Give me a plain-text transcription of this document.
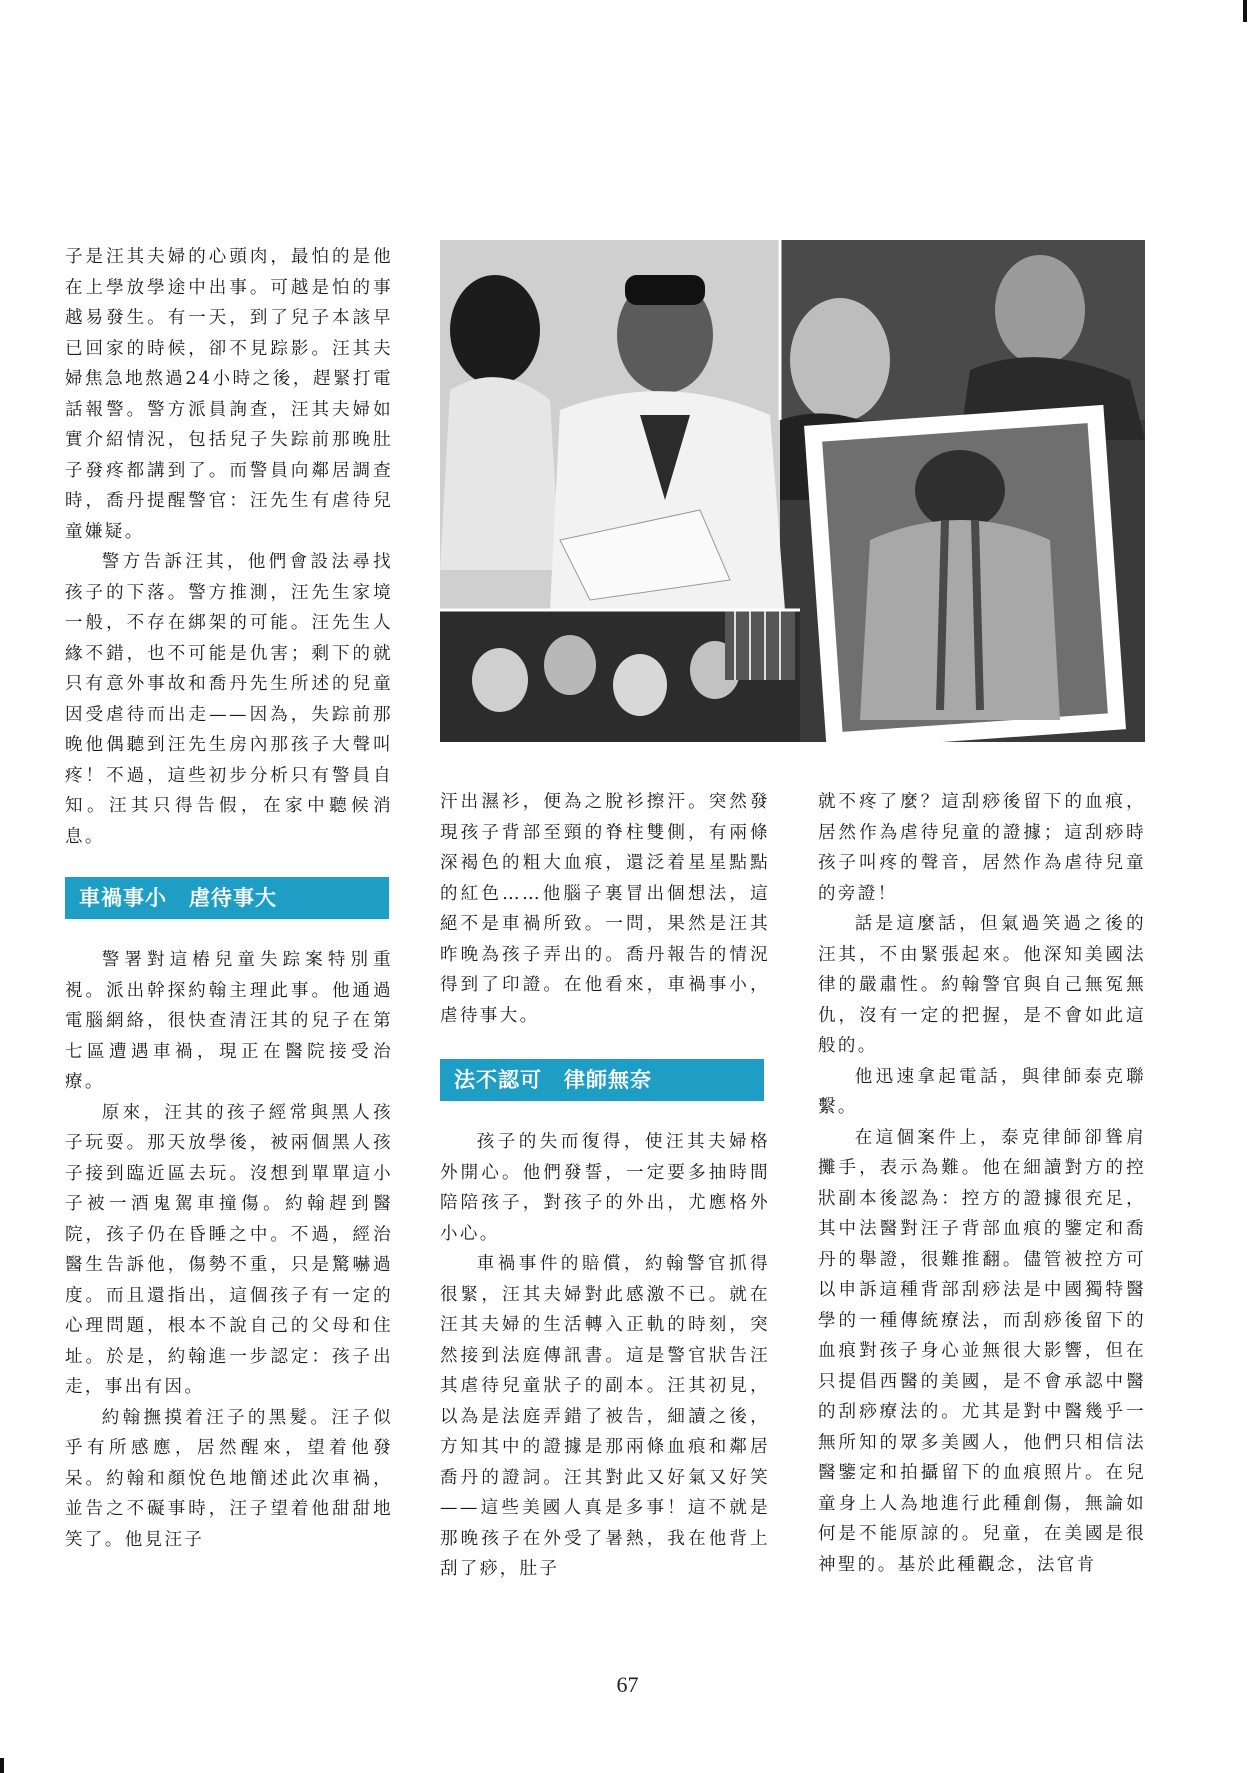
子是汪其夫婦的心頭肉，最怕的是他在上學放學途中出事。可越是怕的事越易發生。有一天，到了兒子本該早已回家的時候，卻不見踪影。汪其夫婦焦急地熬過24小時之後，趕緊打電話報警。警方派員詢查，汪其夫婦如實介紹情況，包括兒子失踪前那晚肚子發疼都講到了。而警員向鄰居調查時，喬丹提醒警官：汪先生有虐待兒童嫌疑。

警方告訴汪其，他們會設法尋找孩子的下落。警方推測，汪先生家境一般，不存在綁架的可能。汪先生人緣不錯，也不可能是仇害；剩下的就只有意外事故和喬丹先生所述的兒童因受虐待而出走——因為，失踪前那晚他偶聽到汪先生房內那孩子大聲叫疼！不過，這些初步分析只有警員自知。汪其只得告假，在家中聽候消息。

車禍事小　虐待事大

警署對這樁兒童失踪案特別重視。派出幹探約翰主理此事。他通過電腦網絡，很快查清汪其的兒子在第七區遭遇車禍，現正在醫院接受治療。

原來，汪其的孩子經常與黑人孩子玩耍。那天放學後，被兩個黑人孩子接到臨近區去玩。沒想到單單這小子被一酒鬼駕車撞傷。約翰趕到醫院，孩子仍在昏睡之中。不過，經治醫生告訴他，傷勢不重，只是驚嚇過度。而且還指出，這個孩子有一定的心理問題，根本不說自己的父母和住址。於是，約翰進一步認定：孩子出走，事出有因。

約翰撫摸着汪子的黑髮。汪子似乎有所感應，居然醒來，望着他發呆。約翰和顏悅色地簡述此次車禍，並告之不礙事時，汪子望着他甜甜地笑了。他見汪子

汗出濕衫，便為之脫衫擦汗。突然發現孩子背部至頸的脊柱雙側，有兩條深褐色的粗大血痕，還泛着星星點點的紅色……他腦子裏冒出個想法，這絕不是車禍所致。一問，果然是汪其昨晚為孩子弄出的。喬丹報告的情況得到了印證。在他看來，車禍事小，虐待事大。

法不認可　律師無奈

孩子的失而復得，使汪其夫婦格外開心。他們發誓，一定要多抽時間陪陪孩子，對孩子的外出，尤應格外小心。

車禍事件的賠償，約翰警官抓得很緊，汪其夫婦對此感激不已。就在汪其夫婦的生活轉入正軌的時刻，突然接到法庭傳訊書。這是警官狀告汪其虐待兒童狀子的副本。汪其初見，以為是法庭弄錯了被告，細讀之後，方知其中的證據是那兩條血痕和鄰居喬丹的證詞。汪其對此又好氣又好笑——這些美國人真是多事！這不就是那晚孩子在外受了暑熱，我在他背上刮了痧，肚子

就不疼了麼？這刮痧後留下的血痕，居然作為虐待兒童的證據；這刮痧時孩子叫疼的聲音，居然作為虐待兒童的旁證！

話是這麼話，但氣過笑過之後的汪其，不由緊張起來。他深知美國法律的嚴肅性。約翰警官與自己無冤無仇，沒有一定的把握，是不會如此這般的。

他迅速拿起電話，與律師泰克聯繫。

在這個案件上，泰克律師卻聳肩攤手，表示為難。他在細讀對方的控狀副本後認為：控方的證據很充足，其中法醫對汪子背部血痕的鑒定和喬丹的舉證，很難推翻。儘管被控方可以申訴這種背部刮痧法是中國獨特醫學的一種傳統療法，而刮痧後留下的血痕對孩子身心並無很大影響，但在只提倡西醫的美國，是不會承認中醫的刮痧療法的。尤其是對中醫幾乎一無所知的眾多美國人，他們只相信法醫鑒定和拍攝留下的血痕照片。在兒童身上人為地進行此種創傷，無論如何是不能原諒的。兒童，在美國是很神聖的。基於此種觀念，法官肯

67
